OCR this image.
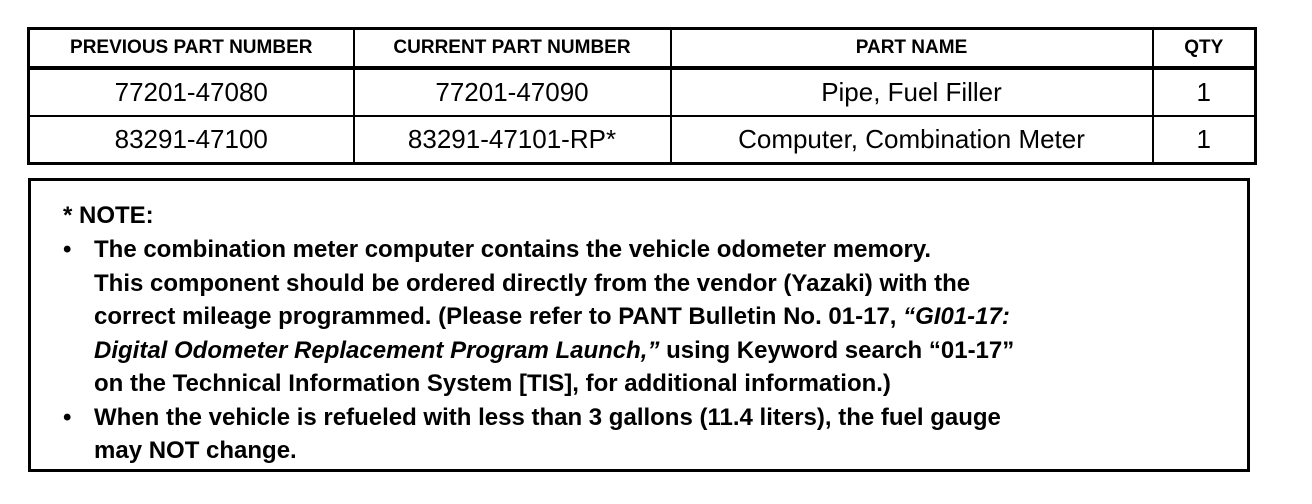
PREVIOUS PART NUMBER	CURRENT PART NUMBER	PART NAME	QTY
77201-47080	77201-47090	Pipe, Fuel Filler	1
83291-47100	83291-47101-RP*	Computer, Combination Meter	1
* NOTE:
• The combination meter computer contains the vehicle odometer memory.
This component should be ordered directly from the vendor (Yazaki) with the
correct mileage programmed. (Please refer to PANT Bulletin No. 01-17, “GI01-17:
Digital Odometer Replacement Program Launch,” using Keyword search “01-17”
on the Technical Information System [TIS], for additional information.)
• When the vehicle is refueled with less than 3 gallons (11.4 liters), the fuel gauge
may NOT change.
